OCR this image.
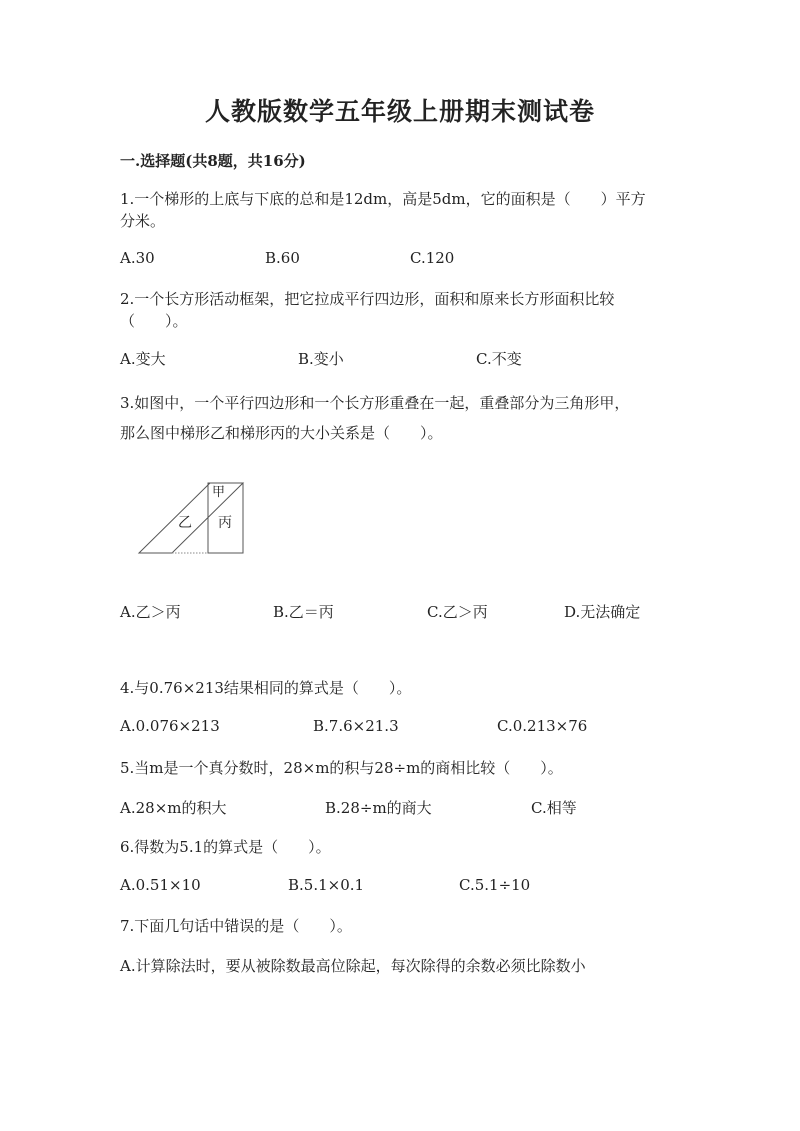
人教版数学五年级上册期末测试卷
一.选择题(共8题，共16分)
1.一个梯形的上底与下底的总和是12dm，高是5dm，它的面积是（　　）平方
分米。
A.30	B.60	C.120
2.一个长方形活动框架，把它拉成平行四边形，面积和原来长方形面积比较
（　　）。
A.变大	B.变小	C.不变
3.如图中，一个平行四边形和一个长方形重叠在一起，重叠部分为三角形甲，
那么图中梯形乙和梯形丙的大小关系是（　　）。
甲
乙 丙
A.乙＞丙	B.乙＝丙	C.乙＞丙	D.无法确定
4.与0.76×213结果相同的算式是（　　）。
A.0.076×213	B.7.6×21.3	C.0.213×76
5.当m是一个真分数时，28×m的积与28÷m的商相比较（　　）。
A.28×m的积大	B.28÷m的商大	C.相等
6.得数为5.1的算式是（　　）。
A.0.51×10	B.5.1×0.1	C.5.1÷10
7.下面几句话中错误的是（　　）。
A.计算除法时，要从被除数最高位除起，每次除得的余数必须比除数小
